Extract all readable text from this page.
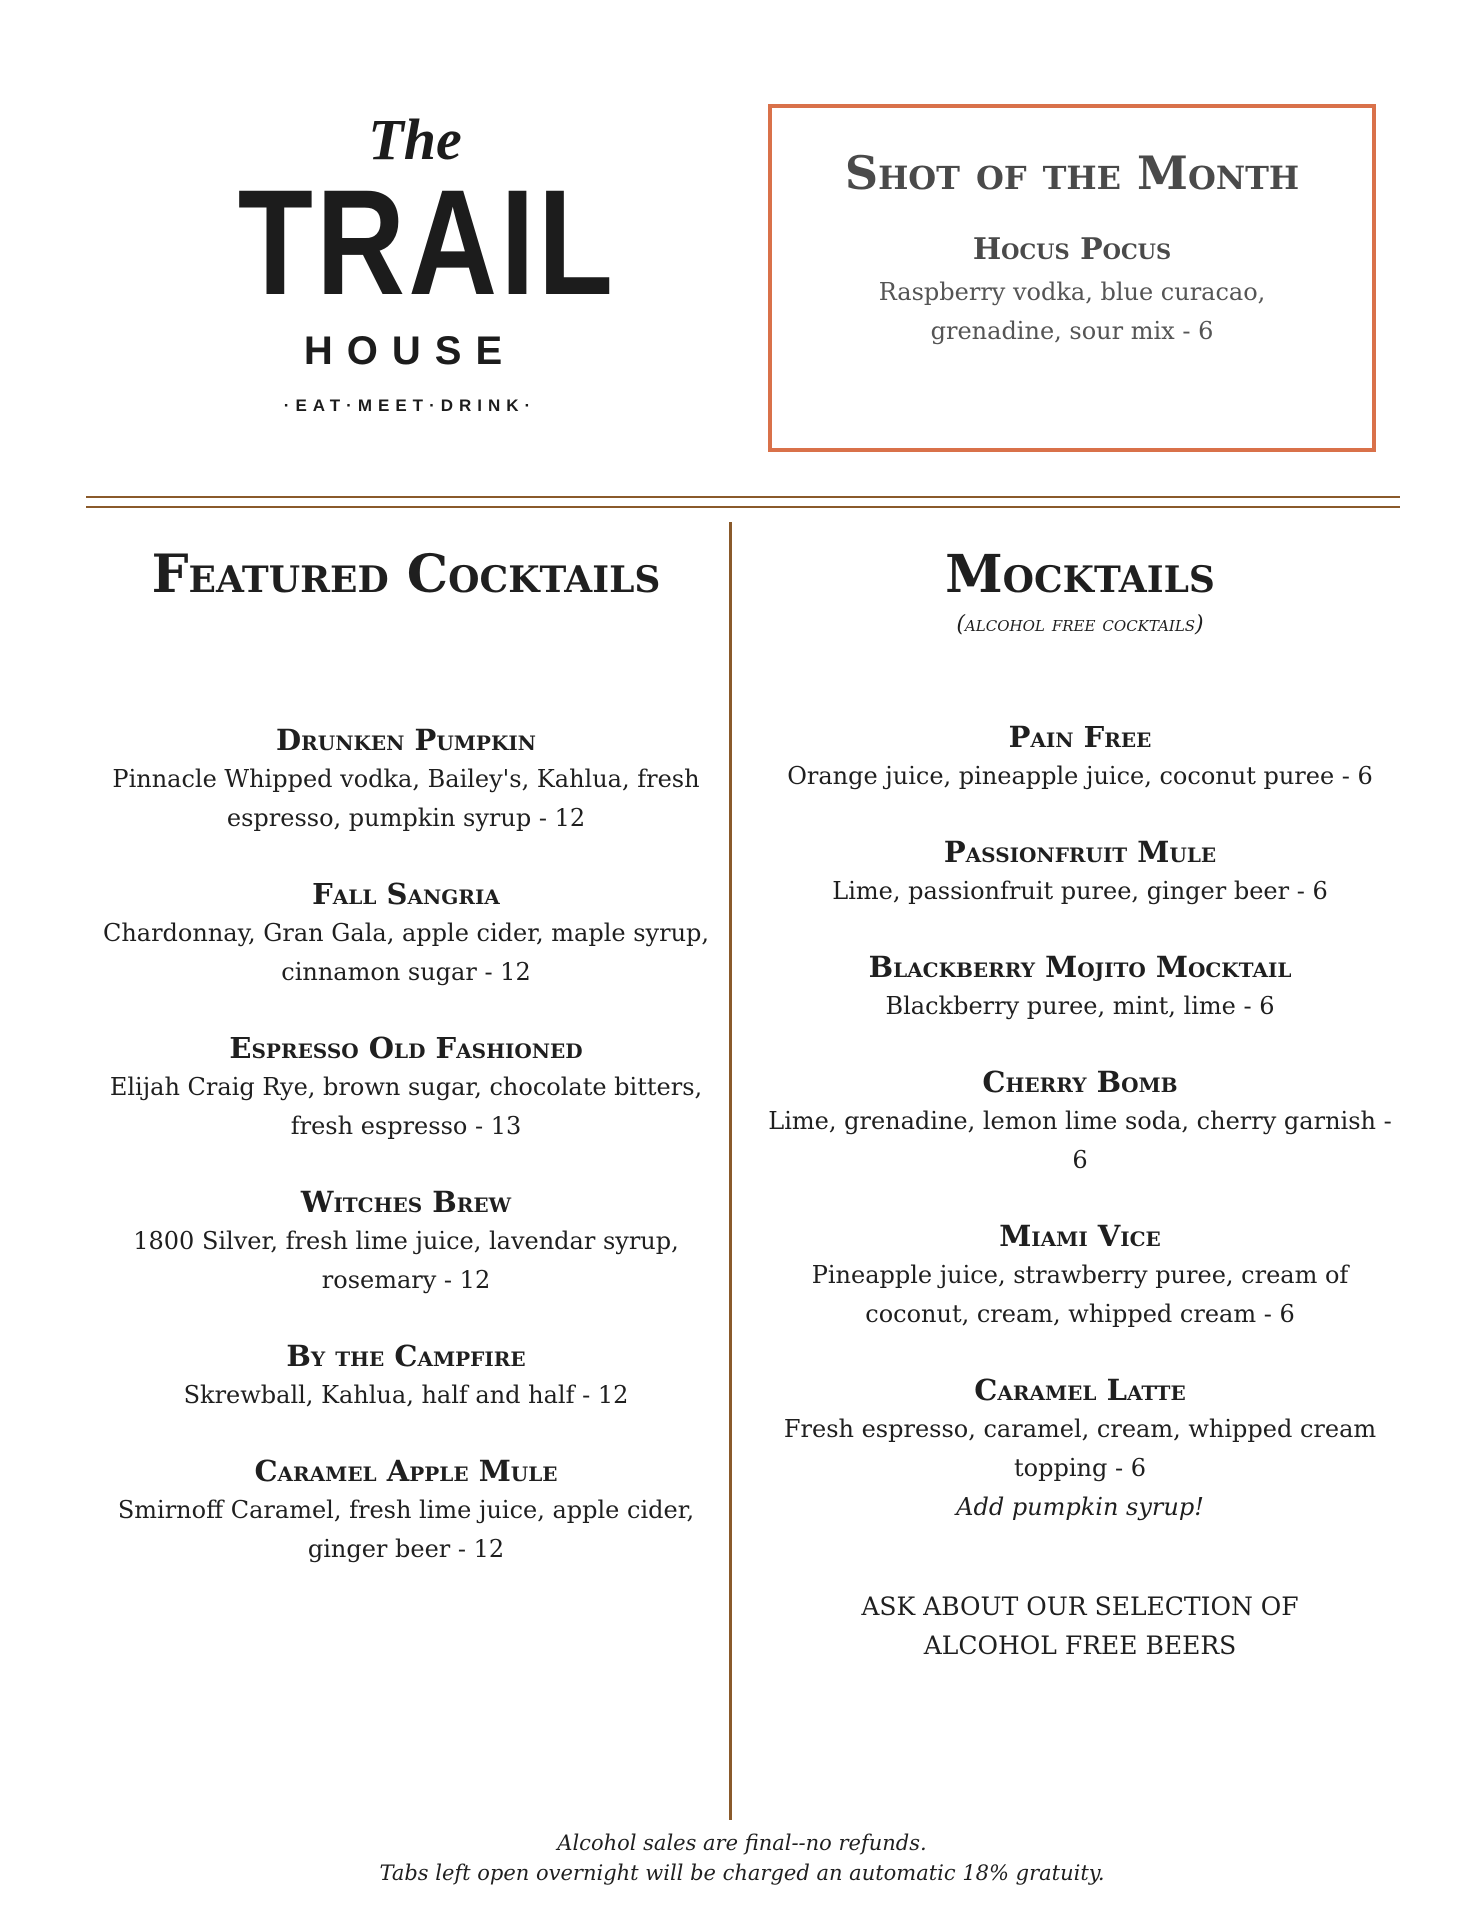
The
TRAIL
HOUSE
·EAT·MEET·DRINK·
Shot of the Month
Hocus Pocus
Raspberry vodka, blue curacao, grenadine, sour mix - 6
Featured Cocktails
Drunken Pumpkin
Pinnacle Whipped vodka, Bailey's, Kahlua, fresh espresso, pumpkin syrup - 12
Fall Sangria
Chardonnay, Gran Gala, apple cider, maple syrup, cinnamon sugar - 12
Espresso Old Fashioned
Elijah Craig Rye, brown sugar, chocolate bitters, fresh espresso - 13
Witches Brew
1800 Silver, fresh lime juice, lavendar syrup, rosemary - 12
By the Campfire
Skrewball, Kahlua, half and half - 12
Caramel Apple Mule
Smirnoff Caramel, fresh lime juice, apple cider, ginger beer - 12
Mocktails
(alcohol free cocktails)
Pain Free
Orange juice, pineapple juice, coconut puree - 6
Passionfruit Mule
Lime, passionfruit puree, ginger beer - 6
Blackberry Mojito Mocktail
Blackberry puree, mint, lime - 6
Cherry Bomb
Lime, grenadine, lemon lime soda, cherry garnish - 6
Miami Vice
Pineapple juice, strawberry puree, cream of coconut, cream, whipped cream - 6
Caramel Latte
Fresh espresso, caramel, cream, whipped cream topping - 6
Add pumpkin syrup!
ASK ABOUT OUR SELECTION OF
ALCOHOL FREE BEERS
Alcohol sales are final--no refunds.
Tabs left open overnight will be charged an automatic 18% gratuity.
